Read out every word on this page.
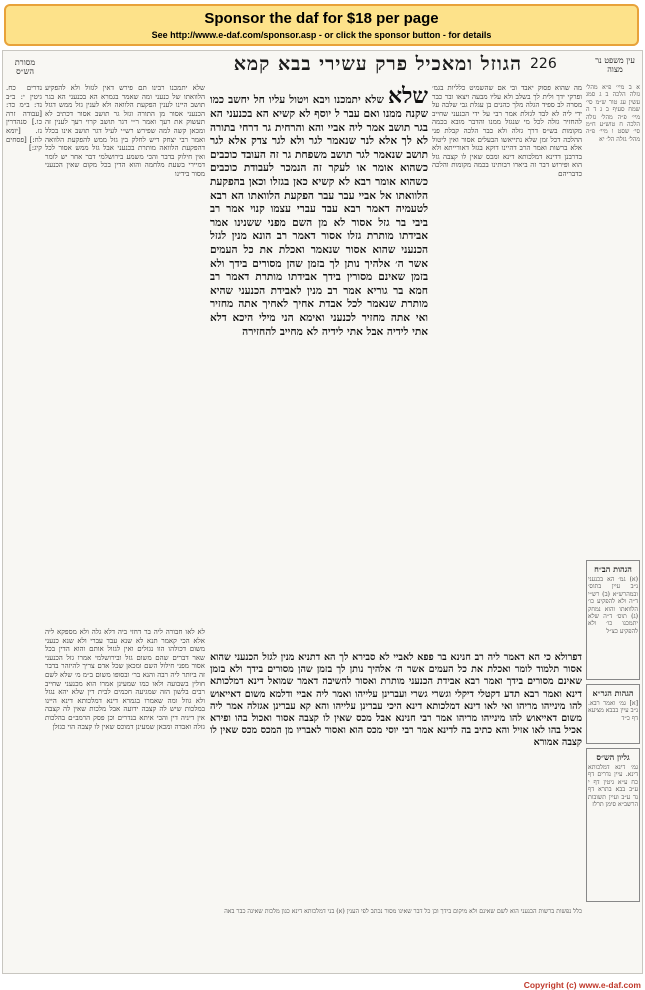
Sponsor the daf for $18 per page
See http://www.e-daf.com/sponsor.asp - or click the sponsor button - for details
מסורת הש״ס	הגוזל ומאכיל פרק עשירי בבא קמא 226	עין משפט נר מצוה
נדרים כח. גיטין י: ב״ב נד: ב״מ כד: [עבודה זרה כו.] סנהדרין נז. [יומא לח:] [פסחים קיג:]
שלא יתמכנו רבינו תם פירש דאין לגזול ולא להפקיע הלוואתו של כנעני ומה שאמר בגמרא הא בכנעני הא בגר תושב היינו לענין הפקעת הלוואה ולא לענין גזל ממש דגזל הכנעני אסור מן התורה וגזל גר תושב אסור דכתיב לא תעשוק את רעך ואמר ר״י דגר תושב קרוי רעך לענין זה ומכאן קשה למה שפירש רש״י לעיל דגר תושב אינו בכלל ואמר רבי יצחק דיש לחלק בין גזל ממש להפקעת הלוואה דהפקעת הלוואה מותרת בכנעני אבל גזל ממש אסור לכל ואין חילוק בדבר והכי משמע בירושלמי דבר אחר יש לומר דמיירי בשעת מלחמה והוא הדין בכל מקום שאין הכנעני מסור בידינו
שלא שלא יתמכנו ויבא ויטול עליו חל יחשב כמו שקנה ממנו ואם עבר ל יוסף לא קשיא הא בכנעני הא בגר תושב אמר ליה אביי והא והרחית גר דרחי בתורה לא לך אלא לנר שנאמר לגר ולא לגר צדק אלא לגר תושב שנאמר לגר תושב משפחת גר זה העובד כוכבים כשהוא אומר או לעקר זה הנמכר לעבודת כוכבים כשהוא אומר רבא לא קשיא כאן בגזלו וכאן בהפקעת הלוואתו אל אביי עבר עבר הפקעת הלוואתו הא רבא לטעמיה דאמר רבא עבד עברי עצמו קנוי אמר רב ביבי בר גזל אסור לא מן השם מפני ששנינו אמר אבידתו מותרת גזלו אסור דאמר רב הונא מנין לגזל הכנעני שהוא אסור שנאמר ואכלת את כל העמים אשר ה׳ אלהיך נותן לך בזמן שהן מסורים בידך ולא בזמן שאינם מסורין בידך אבידתו מותרת דאמר רב חמא בר גוריא אמר רב מנין לאבידת הכנעני שהיא מותרת שנאמר לכל אבדת אחיך לאחיך אתה מחזיר ואי אתה מחזיר לכנעני ואימא הני מילי היכא דלא אתי לידיה אבל אתי לידיה לא מחייב להחזירה
מה שהוא פסוק יאבד ובי אם שהשמיט כלליות בגמ׳ ופרקי ידך ולית לך בשלב ולא עליו מבעה ויצאו ובר כבר מסרה לב ספיד הגלה מלך כהנים בן עגלת גבי שלבה על ידי ליה לא לבד לגזלת אמר רבי על ידי הכנעני שחייב להחזיר גזלה לכל מי שנגזל ממנו והדבר מובא בכמה מקומות בש״ס דרך גזלה ולא כבר הלכה קבלת פני ההלכה דכל זמן שלא נתייאשו הבעלים אסור ואין ליטול אלא ברשות ואמר הרב דהיינו דוקא בגזל דאורייתא ולא בדרבנן דדינא דמלכותא דינא ומכס שאין לו קצבה גזל הוא ופירוש דבר זה ביארו רבותינו בכמה מקומות והלכה כדבריהם
א ב מיי׳ פ״א מהל׳ גזלה הלכה ב ג סמג עשין עג טור ש״מ סי׳ שמח סעיף ב ג ד ה מיי׳ פ״ה מהל׳ גזלה הלכה ח טוש״ע ח״מ סי׳ שסט ו מיי׳ פ״ה מהל׳ גזלה הל׳ יא
דפרולא כי הא דאמר ליה רב חנינא בר פפא לאביי לא סבירא לך הא דתניא מנין לגזל הכנעני שהוא אסור תלמוד לומר ואכלת את כל העמים אשר ה׳ אלהיך נותן לך בזמן שהן מסורים בידך ולא בזמן שאינם מסורים בידך ואמר רבא אבידת הכנעני מותרת ואסור להשיבה דאמר שמואל דינא דמלכותא דינא ואמר רבא תדע דקטלי דיקלי וגשרי גשרי ועברינן עלייהו ואמר ליה אביי ודלמא משום דאייאוש להו מינייהו מריהו ואי לאו דינא דמלכותא דינא היכי עברינן עלייהו והא קא עברינן אגזלה אמר ליה משום דאייאוש להו מינייהו מריהו אמר רבי חנינא אבל מכס שאין לו קצבה אסור ואכול בהו ופירא אכיל בהו לאו אזיל והא כתיב בה לדינא אמר רבי יוסי מכס הוא ואסור לאבריו מן המכס מכס שאין לו קצבה אמורא
לא לאו חבורה ליה בר דחזי ביה דלא גלה ולא מספקא ליה אלא הכי קאמר תנא לא שנא עבד עברי ולא שנא כנעני משום דכולהו הוו נגזלים ואין לגזול אותם והוא הדין בכל שאר דברים שהם משום גזל ובירושלמי אמרו גזל הכנעני אסור מפני חילול השם ומכאן שכל אדם צריך להיזהר בדבר זה ביותר ליה רבה והנא בר׳ ובסופו משום ב״מ מ׳ שלא לשם חולין בשבועה ולאו כמו שמעינן אמרו הוא מכנעני שחייב רבים בלשון הזה שמגיעה חכמים לבית דין שלא יהא נגזל ולא גוזל ומה שאמרו בגמרא דינא דמלכותא דינא היינו במלכות שיש לה קצבה ידועה אבל מלכות שאין לה קצבה אין דיניה דין והכי איתא בנדרים וכן פסק הרמב״ם בהלכות גזלה ואבדה ומכאן שמעינן דמוכס שאין לו קצבה הוי כגזלן
הגהות הב״ח
(א) גמ׳ הא בכנעני נ״ב עיין בתוס׳ ובמהרש״א (ב) רש״י ד״ה ולא להפקיע כו׳ הלוואתו והוא נמחק (ג) תוס׳ ד״ה שלא יתמכנו כו׳ ולא להפקיע כצ״ל
הגהות הגר״א
[א] גמ׳ ואמר רבא. נ״ב עיין בבבא מציעא דף כ״ד
גליון הש״ס
גמ׳ דינא דמלכותא דינא. עיין נדרים דף כח ע״א גיטין דף י ע״ב בבא בתרא דף נד ע״ב ועיין תשובות הרשב״א סימן תרלז
כלל נפשות ברשות הכנעני הוא לשם שאינם ולא מיקום בידך וכן כל דבר שאינו מסור נכתב לפי הענין (א) בני דמלכותא דינא כגון מלכות שאינה כבר באה
Copyright (c) www.e-daf.com
